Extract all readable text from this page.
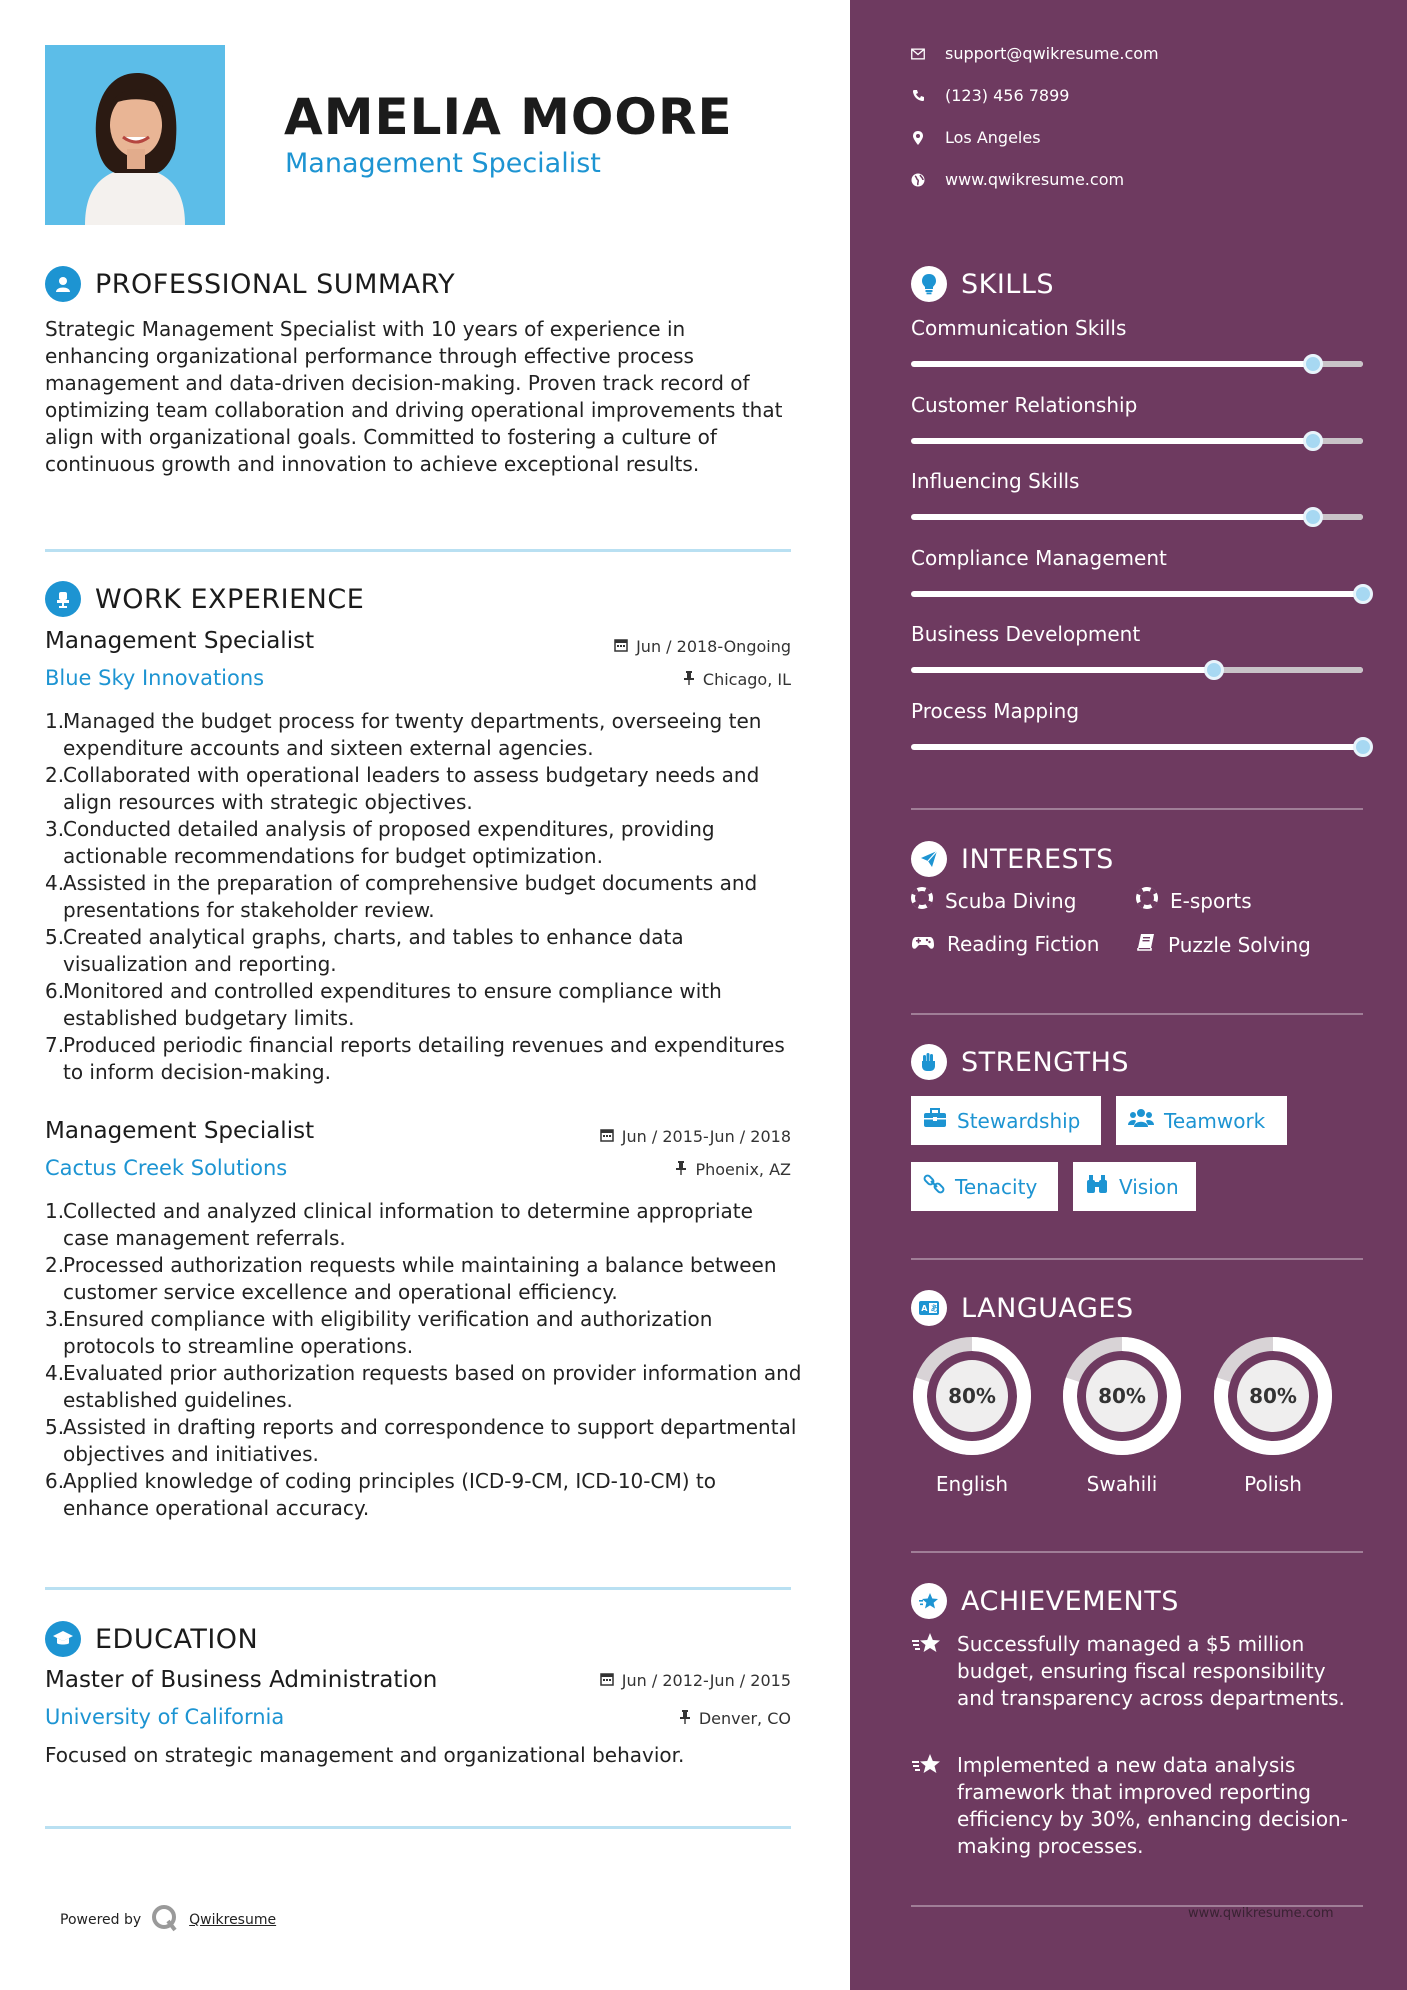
AMELIA MOORE
Management Specialist
PROFESSIONAL SUMMARY
Strategic Management Specialist with 10 years of experience in enhancing organizational performance through effective process management and data-driven decision-making. Proven track record of optimizing team collaboration and driving operational improvements that align with organizational goals. Committed to fostering a culture of continuous growth and innovation to achieve exceptional results.
WORK EXPERIENCE
Management Specialist	Jun / 2018-Ongoing
Blue Sky Innovations	Chicago, IL
1.
Managed the budget process for twenty departments, overseeing ten expenditure accounts and sixteen external agencies.
2.
Collaborated with operational leaders to assess budgetary needs and align resources with strategic objectives.
3.
Conducted detailed analysis of proposed expenditures, providing actionable recommendations for budget optimization.
4.
Assisted in the preparation of comprehensive budget documents and presentations for stakeholder review.
5.
Created analytical graphs, charts, and tables to enhance data visualization and reporting.
6.
Monitored and controlled expenditures to ensure compliance with established budgetary limits.
7.
Produced periodic financial reports detailing revenues and expenditures to inform decision-making.
Management Specialist	Jun / 2015-Jun / 2018
Cactus Creek Solutions	Phoenix, AZ
1.
Collected and analyzed clinical information to determine appropriate case management referrals.
2.
Processed authorization requests while maintaining a balance between customer service excellence and operational efficiency.
3.
Ensured compliance with eligibility verification and authorization protocols to streamline operations.
4.
Evaluated prior authorization requests based on provider information and established guidelines.
5.
Assisted in drafting reports and correspondence to support departmental objectives and initiatives.
6.
Applied knowledge of coding principles (ICD-9-CM, ICD-10-CM) to enhance operational accuracy.
EDUCATION
Master of Business Administration	Jun / 2012-Jun / 2015
University of California	Denver, CO
Focused on strategic management and organizational behavior.
Powered by	Qwikresume
support@qwikresume.com
(123) 456 7899
Los Angeles
www.qwikresume.com
SKILLS
Communication Skills
Customer Relationship
Influencing Skills
Compliance Management
Business Development
Process Mapping
INTERESTS
Scuba Diving	E-sports
Reading Fiction	Puzzle Solving
STRENGTHS
Stewardship	Teamwork
Tenacity	Vision
A あ LANGUAGES
80%
English
80%
Swahili
80%
Polish
ACHIEVEMENTS
Successfully managed a $5 million budget, ensuring fiscal responsibility and transparency across departments.
Implemented a new data analysis framework that improved reporting efficiency by 30%, enhancing decision-making processes.
www.qwikresume.com
